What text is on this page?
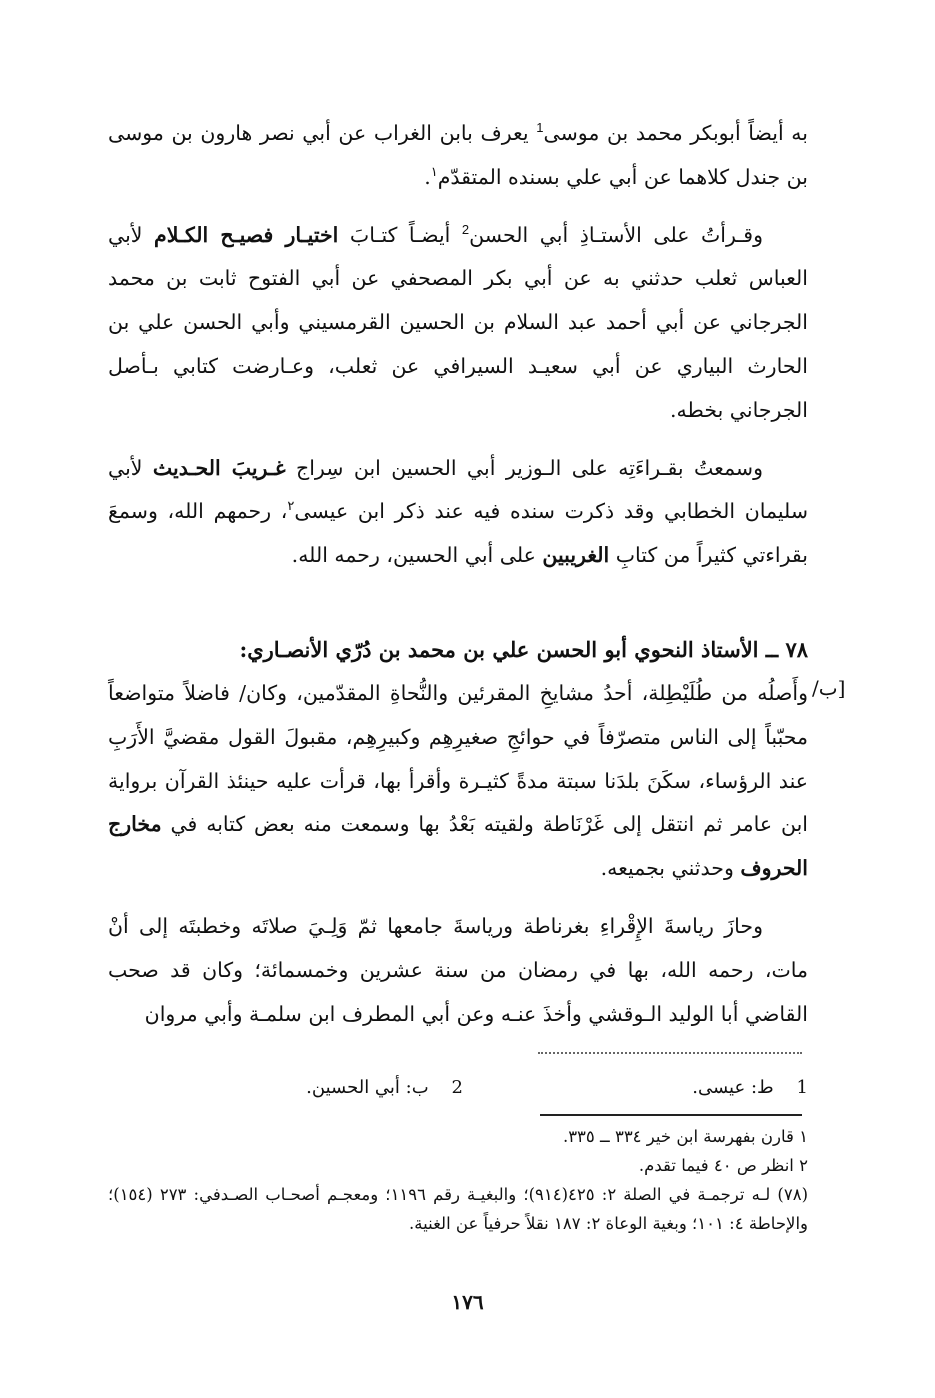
به أيضاً أبوبكر محمد بن موسى$^1$ يعرف بابن الغراب عن أبي نصر هارون بن موسى بن جندل كلاهما عن أبي علي بسنده المتقدّم$^١$.

وقـرأتُ على الأستـاذِ أبي الحسن$^2$ أيضـاً كتـابَ اختيـار فصيـح الكـلام لأبي العباس ثعلب حدثني به عن أبي بكر المصحفي عن أبي الفتوح ثابت بن محمد الجرجاني عن أبي أحمد عبد السلام بن الحسين القرمسيني وأبي الحسن علي بن الحارث البياري عن أبي سعيـد السيرافي عن ثعلب، وعـارضت كتابي بـأصل الجرجاني بخطه.

وسمعتُ بقـراءَتِه على الـوزير أبي الحسين ابن سِراج غـريبَ الحـديث لأبي سليمان الخطابي وقد ذكرت سنده فيه عند ذكر ابن عيسى$^٢$، رحمهم الله، وسمعَ بقراءتي كثيراً من كتابِ الغريبين على أبي الحسين، رحمه الله.

٧٨ ــ الأستاذ النحوي أبو الحسن علي بن محمد بن دُرّي الأنصـاري:

وأَصلُه من طُلَيْطِلة، أحدُ مشايخِ المقرئين والنُّحاةِ المقدّمين، وكان/ فاضلاً متواضعاً محبّباً إلى الناس متصرّفاً في حوائجِ صغيرِهِم وكبيرِهِم، مقبولَ القول مقضيَّ الأَرَبِ عند الرؤساء، سكَنَ بلدَنا سبتة مدةً كثيـرة وأقرأ بها، قرأت عليه حينئذ القرآن برواية ابن عامر ثم انتقل إلى غَرْنَاطة ولقيته بَعْدُ بها وسمعت منه بعض كتابه في مخارج الحروف وحدثني بجميعه.

وحازَ رياسةَ الإِقْراءِ بغرناطة ورياسةَ جامعها ثمّ وَلِـيَ صلاتَه وخطبتَه إلى أنْ مات، رحمه الله، بها في رمضان من سنة عشرين وخمسمائة؛ وكان قد صحب القاضي أبا الوليد الـوقشي وأخذَ عنـه وعن أبي المطرف ابن سلمـة وأبي مروان

/ب]
1    ط: عيسى.
2    ب: أبي الحسين.

١ قارن بفهرسة ابن خير ٣٣٤ ــ ٣٣٥.

٢ انظر ص ٤٠ فيما تقدم.

(٧٨) لـه ترجمـة في الصلة ٢: ٤٢٥(٩١٤)؛ والبغيـة رقم ١١٩٦؛ ومعجـم أصحـاب الصـدفي: ٢٧٣ (١٥٤)؛ والإحاطة ٤: ١٠١؛ وبغية الوعاة ٢: ١٨٧ نقلاً حرفياً عن الغنية.

١٧٦
